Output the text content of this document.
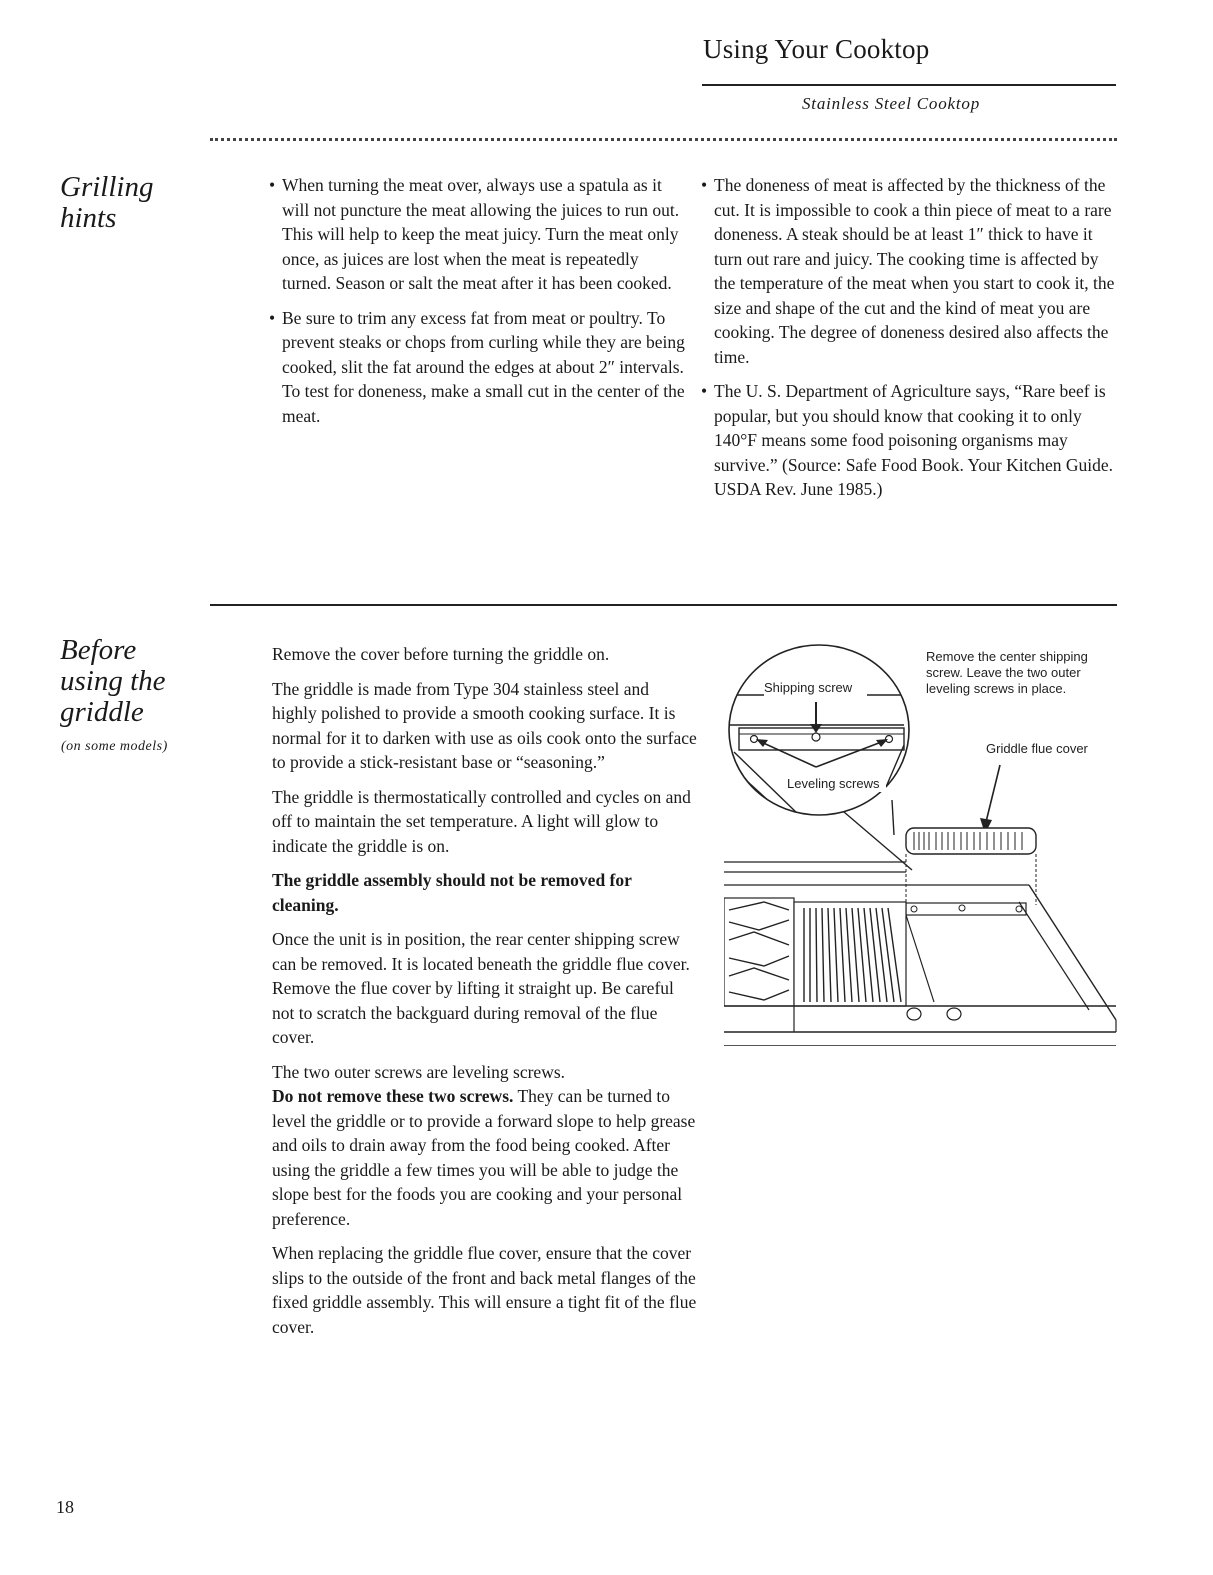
Using Your Cooktop
Stainless Steel Cooktop
Grilling
hints
• When turning the meat over, always use a spatula as it will not puncture the meat allowing the juices to run out. This will help to keep the meat juicy. Turn the meat only once, as juices are lost when the meat is repeatedly turned. Season or salt the meat after it has been cooked.
• Be sure to trim any excess fat from meat or poultry. To prevent steaks or chops from curling while they are being cooked, slit the fat around the edges at about 2″ intervals. To test for doneness, make a small cut in the center of the meat.
• The doneness of meat is affected by the thickness of the cut. It is impossible to cook a thin piece of meat to a rare doneness. A steak should be at least 1″ thick to have it turn out rare and juicy. The cooking time is affected by the temperature of the meat when you start to cook it, the size and shape of the cut and the kind of meat you are cooking. The degree of doneness desired also affects the time.
• The U. S. Department of Agriculture says, “Rare beef is popular, but you should know that cooking it to only 140°F means some food poisoning organisms may survive.” (Source: Safe Food Book. Your Kitchen Guide. USDA Rev. June 1985.)
Before
using the
griddle
(on some models)

Remove the cover before turning the griddle on.

The griddle is made from Type 304 stainless steel and highly polished to provide a smooth cooking surface. It is normal for it to darken with use as oils cook onto the surface to provide a stick-resistant base or “seasoning.”

The griddle is thermostatically controlled and cycles on and off to maintain the set temperature. A light will glow to indicate the griddle is on.

The griddle assembly should not be removed for cleaning.

Once the unit is in position, the rear center shipping screw can be removed. It is located beneath the griddle flue cover. Remove the flue cover by lifting it straight up. Be careful not to scratch the backguard during removal of the flue cover.

The two outer screws are leveling screws.
Do not remove these two screws. They can be turned to level the griddle or to provide a forward slope to help grease and oils to drain away from the food being cooked. After using the griddle a few times you will be able to judge the slope best for the foods you are cooking and your personal preference.

When replacing the griddle flue cover, ensure that the cover slips to the outside of the front and back metal flanges of the fixed griddle assembly. This will ensure a tight fit of the flue cover.

Remove the center shipping
screw. Leave the two outer
leveling screws in place.
Shipping screw
Leveling screws
Griddle flue cover
18
